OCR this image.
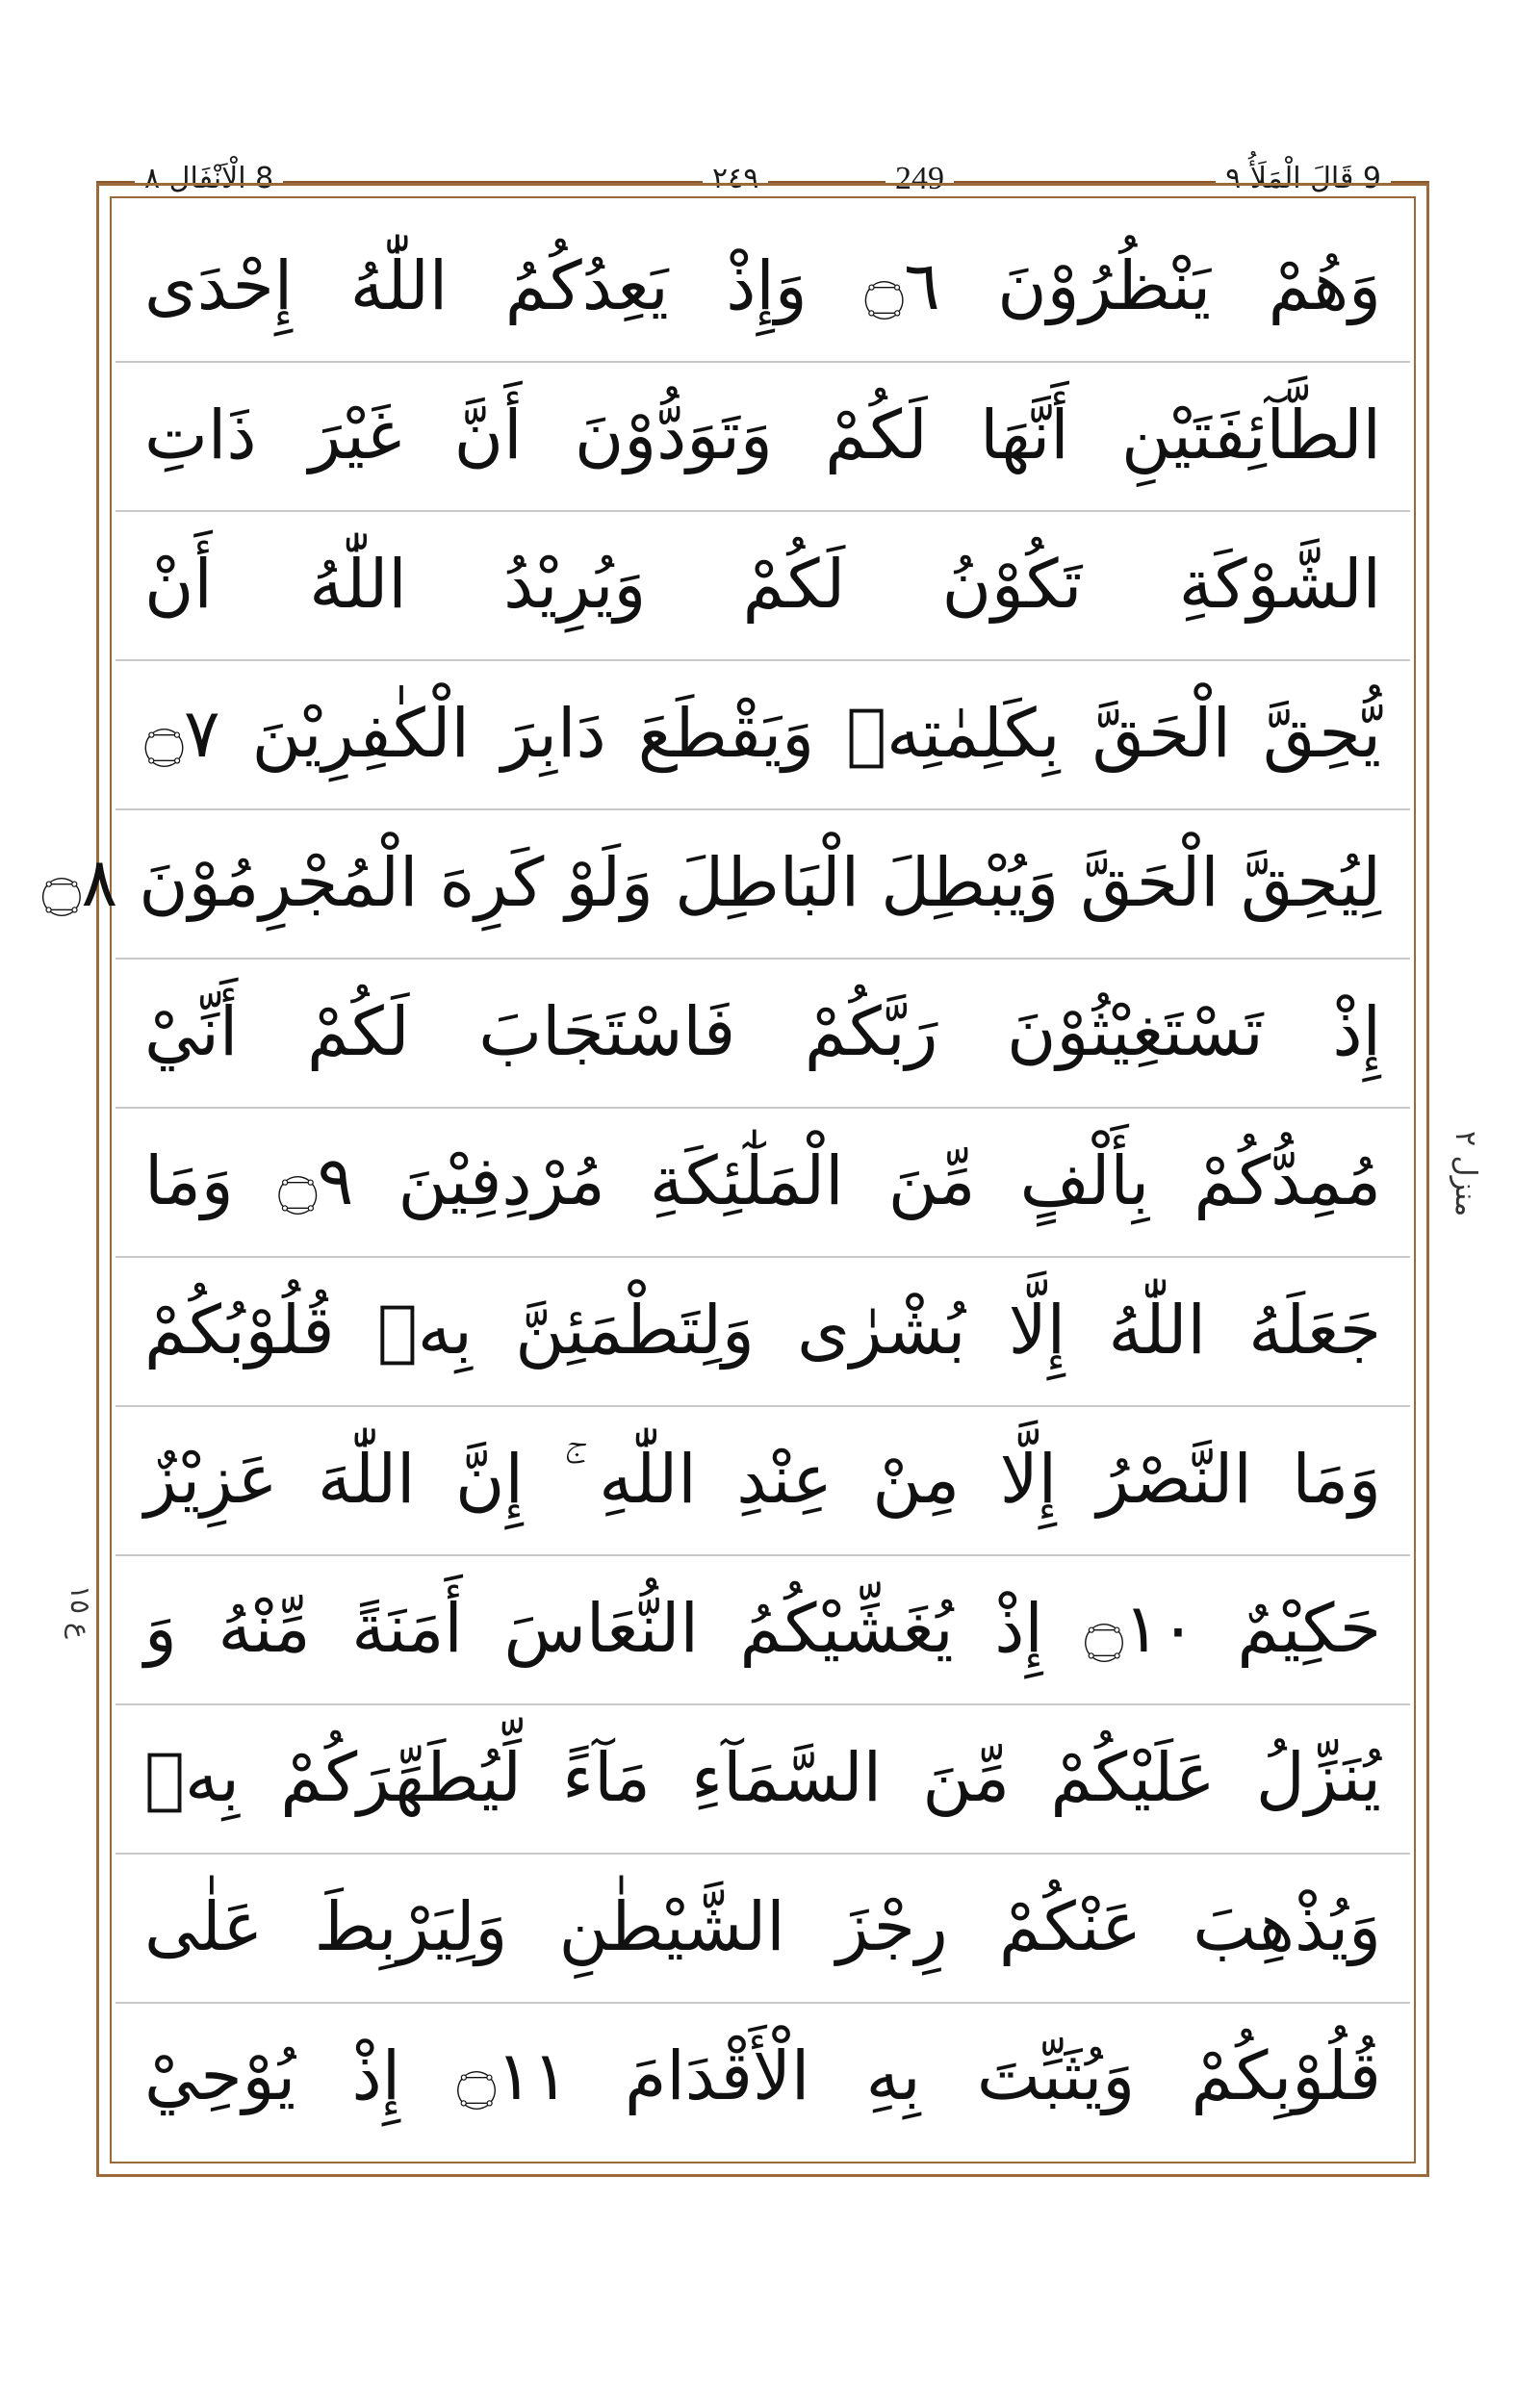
9 قَالَ الْمَلَأُ ٩
٢٤٩	249
8 الْاَنْفَال ٨
وَهُمْ يَنْظُرُوْنَ ۝٦ وَإِذْ يَعِدُكُمُ اللّٰهُ إِحْدَى
الطَّآئِفَتَيْنِ أَنَّهَا لَكُمْ وَتَوَدُّوْنَ أَنَّ غَيْرَ ذَاتِ
الشَّوْكَةِ تَكُوْنُ لَكُمْ وَيُرِيْدُ اللّٰهُ أَنْ
يُّحِقَّ الْحَقَّ بِكَلِمٰتِهٖ وَيَقْطَعَ دَابِرَ الْكٰفِرِيْنَ ۝٧
لِيُحِقَّ الْحَقَّ وَيُبْطِلَ الْبَاطِلَ وَلَوْ كَرِهَ الْمُجْرِمُوْنَ ۝٨
إِذْ تَسْتَغِيْثُوْنَ رَبَّكُمْ فَاسْتَجَابَ لَكُمْ أَنِّيْ
مُمِدُّكُمْ بِأَلْفٍ مِّنَ الْمَلٰٓئِكَةِ مُرْدِفِيْنَ ۝٩ وَمَا
جَعَلَهُ اللّٰهُ إِلَّا بُشْرٰى وَلِتَطْمَئِنَّ بِهٖ قُلُوْبُكُمْ
وَمَا النَّصْرُ إِلَّا مِنْ عِنْدِ اللّٰهِ ۚ إِنَّ اللّٰهَ عَزِيْزٌ
حَكِيْمٌ ۝١٠ إِذْ يُغَشِّيْكُمُ النُّعَاسَ أَمَنَةً مِّنْهُ وَ
يُنَزِّلُ عَلَيْكُمْ مِّنَ السَّمَآءِ مَآءً لِّيُطَهِّرَكُمْ بِهٖ
وَيُذْهِبَ عَنْكُمْ رِجْزَ الشَّيْطٰنِ وَلِيَرْبِطَ عَلٰى
قُلُوْبِكُمْ وَيُثَبِّتَ بِهِ الْأَقْدَامَ ۝١١ إِذْ يُوْحِيْ
منزل ٢
ع ١٥
